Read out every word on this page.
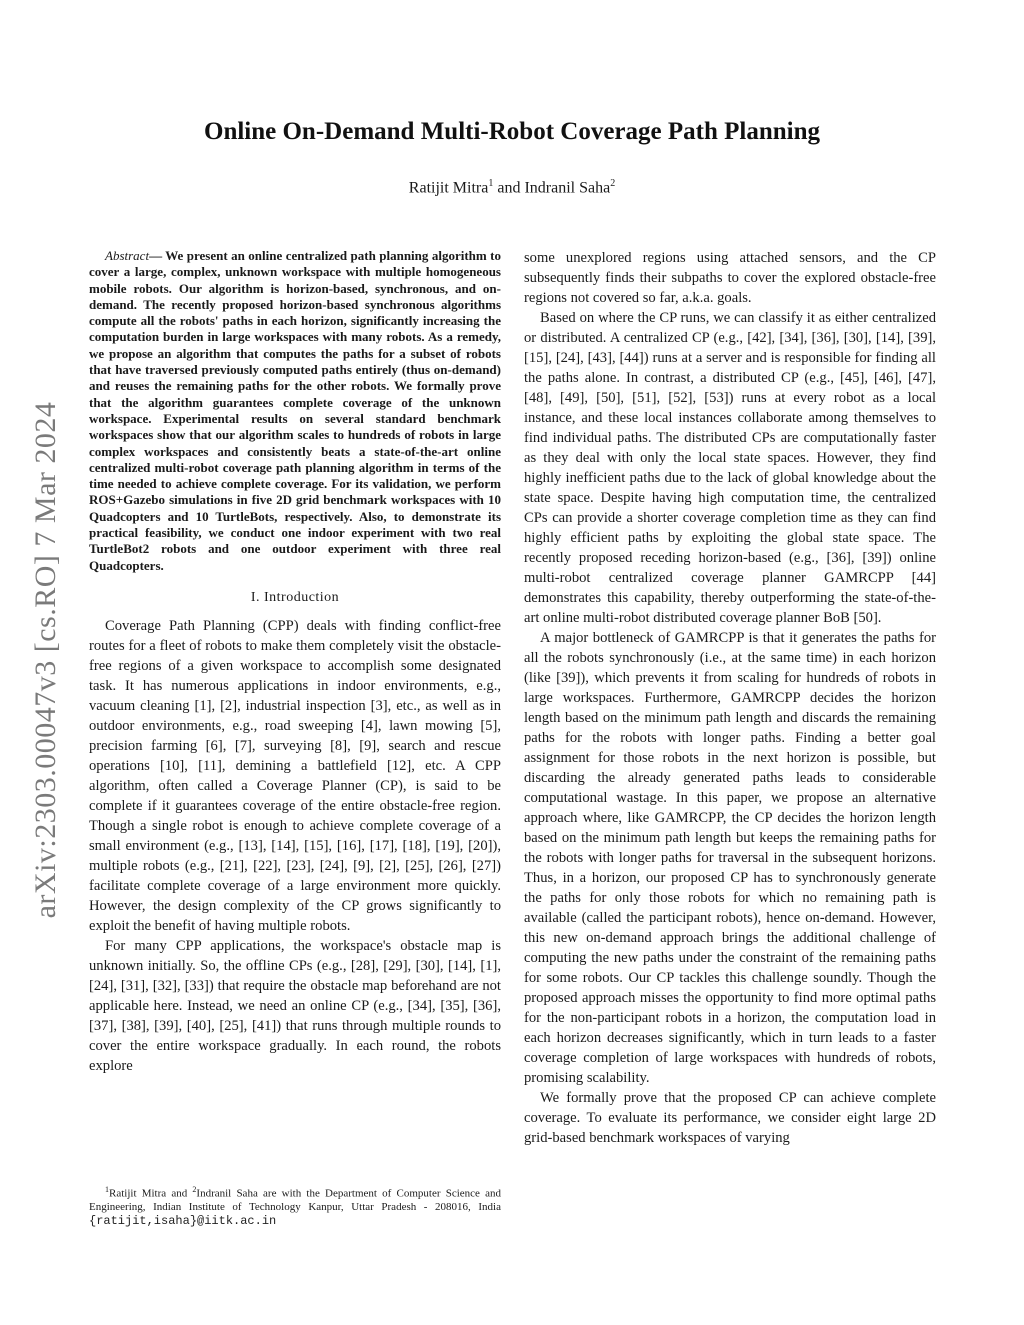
arXiv:2303.00047v3 [cs.RO] 7 Mar 2024
Online On-Demand Multi-Robot Coverage Path Planning
Ratijit Mitra$^1$ and Indranil Saha$^2$

Abstract— We present an online centralized path planning algorithm to cover a large, complex, unknown workspace with multiple homogeneous mobile robots. Our algorithm is horizon-based, synchronous, and on-demand. The recently proposed horizon-based synchronous algorithms compute all the robots' paths in each horizon, significantly increasing the computation burden in large workspaces with many robots. As a remedy, we propose an algorithm that computes the paths for a subset of robots that have traversed previously computed paths entirely (thus on-demand) and reuses the remaining paths for the other robots. We formally prove that the algorithm guarantees complete coverage of the unknown workspace. Experimental results on several standard benchmark workspaces show that our algorithm scales to hundreds of robots in large complex workspaces and consistently beats a state-of-the-art online centralized multi-robot coverage path planning algorithm in terms of the time needed to achieve complete coverage. For its validation, we perform ROS+Gazebo simulations in five 2D grid benchmark workspaces with 10 Quadcopters and 10 TurtleBots, respectively. Also, to demonstrate its practical feasibility, we conduct one indoor experiment with two real TurtleBot2 robots and one outdoor experiment with three real Quadcopters.

I. Introduction

Coverage Path Planning (CPP) deals with finding conflict-free routes for a fleet of robots to make them completely visit the obstacle-free regions of a given workspace to accomplish some designated task. It has numerous applications in indoor environments, e.g., vacuum cleaning [1], [2], industrial inspection [3], etc., as well as in outdoor environments, e.g., road sweeping [4], lawn mowing [5], precision farming [6], [7], surveying [8], [9], search and rescue operations [10], [11], demining a battlefield [12], etc. A CPP algorithm, often called a Coverage Planner (CP), is said to be complete if it guarantees coverage of the entire obstacle-free region. Though a single robot is enough to achieve complete coverage of a small environment (e.g., [13], [14], [15], [16], [17], [18], [19], [20]), multiple robots (e.g., [21], [22], [23], [24], [9], [2], [25], [26], [27]) facilitate complete coverage of a large environment more quickly. However, the design complexity of the CP grows significantly to exploit the benefit of having multiple robots.

For many CPP applications, the workspace's obstacle map is unknown initially. So, the offline CPs (e.g., [28], [29], [30], [14], [1], [24], [31], [32], [33]) that require the obstacle map beforehand are not applicable here. Instead, we need an online CP (e.g., [34], [35], [36], [37], [38], [39], [40], [25], [41]) that runs through multiple rounds to cover the entire workspace gradually. In each round, the robots explore

some unexplored regions using attached sensors, and the CP subsequently finds their subpaths to cover the explored obstacle-free regions not covered so far, a.k.a. goals.

Based on where the CP runs, we can classify it as either centralized or distributed. A centralized CP (e.g., [42], [34], [36], [30], [14], [39], [15], [24], [43], [44]) runs at a server and is responsible for finding all the paths alone. In contrast, a distributed CP (e.g., [45], [46], [47], [48], [49], [50], [51], [52], [53]) runs at every robot as a local instance, and these local instances collaborate among themselves to find individual paths. The distributed CPs are computationally faster as they deal with only the local state spaces. However, they find highly inefficient paths due to the lack of global knowledge about the state space. Despite having high computation time, the centralized CPs can provide a shorter coverage completion time as they can find highly efficient paths by exploiting the global state space. The recently proposed receding horizon-based (e.g., [36], [39]) online multi-robot centralized coverage planner GAMRCPP [44] demonstrates this capability, thereby outperforming the state-of-the-art online multi-robot distributed coverage planner BoB [50].

A major bottleneck of GAMRCPP is that it generates the paths for all the robots synchronously (i.e., at the same time) in each horizon (like [39]), which prevents it from scaling for hundreds of robots in large workspaces. Furthermore, GAMRCPP decides the horizon length based on the minimum path length and discards the remaining paths for the robots with longer paths. Finding a better goal assignment for those robots in the next horizon is possible, but discarding the already generated paths leads to considerable computational wastage. In this paper, we propose an alternative approach where, like GAMRCPP, the CP decides the horizon length based on the minimum path length but keeps the remaining paths for the robots with longer paths for traversal in the subsequent horizons. Thus, in a horizon, our proposed CP has to synchronously generate the paths for only those robots for which no remaining path is available (called the participant robots), hence on-demand. However, this new on-demand approach brings the additional challenge of computing the new paths under the constraint of the remaining paths for some robots. Our CP tackles this challenge soundly. Though the proposed approach misses the opportunity to find more optimal paths for the non-participant robots in a horizon, the computation load in each horizon decreases significantly, which in turn leads to a faster coverage completion of large workspaces with hundreds of robots, promising scalability.

We formally prove that the proposed CP can achieve complete coverage. To evaluate its performance, we consider eight large 2D grid-based benchmark workspaces of varying

$^1$Ratijit Mitra and $^2$Indranil Saha are with the Department of Computer Science and Engineering, Indian Institute of Technology Kanpur, Uttar Pradesh - 208016, India {ratijit,isaha}@iitk.ac.in
